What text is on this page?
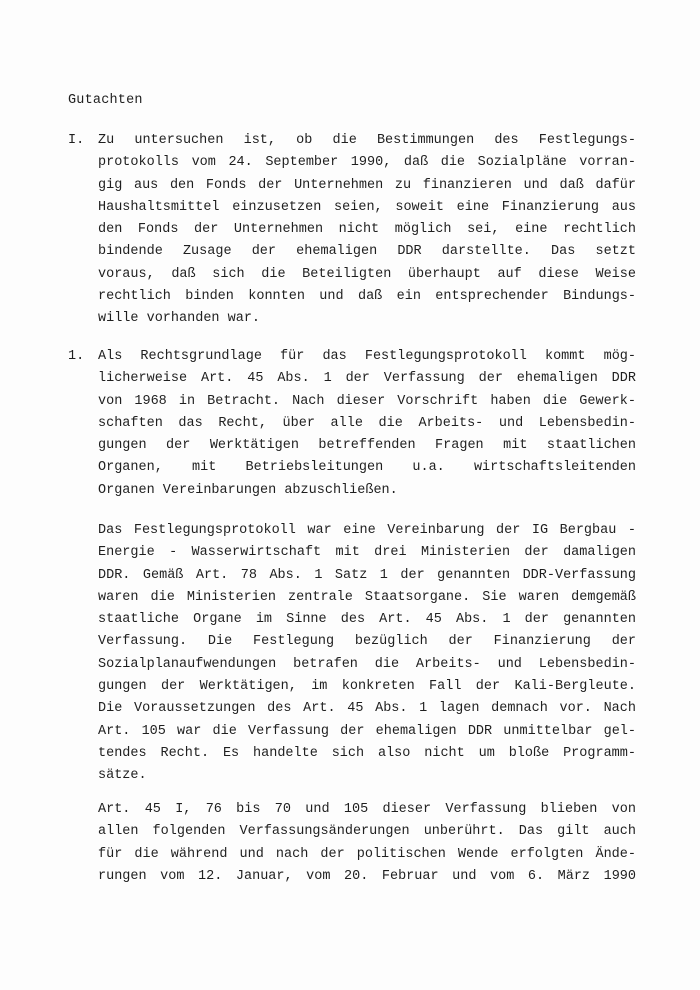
Gutachten
I. Zu untersuchen ist, ob die Bestimmungen des Festlegungs-
protokolls vom 24. September 1990, daß die Sozialpläne vorran-
gig aus den Fonds der Unternehmen zu finanzieren und daß dafür
Haushaltsmittel einzusetzen seien, soweit eine Finanzierung aus
den Fonds der Unternehmen nicht möglich sei, eine rechtlich
bindende Zusage der ehemaligen DDR darstellte. Das setzt
voraus, daß sich die Beteiligten überhaupt auf diese Weise
rechtlich binden konnten und daß ein entsprechender Bindungs-
wille vorhanden war.
1. Als Rechtsgrundlage für das Festlegungsprotokoll kommt mög-
licherweise Art. 45 Abs. 1 der Verfassung der ehemaligen DDR
von 1968 in Betracht. Nach dieser Vorschrift haben die Gewerk-
schaften das Recht, über alle die Arbeits- und Lebensbedin-
gungen der Werktätigen betreffenden Fragen mit staatlichen
Organen, mit Betriebsleitungen u.a. wirtschaftsleitenden
Organen Vereinbarungen abzuschließen.
Das Festlegungsprotokoll war eine Vereinbarung der IG Bergbau -
Energie - Wasserwirtschaft mit drei Ministerien der damaligen
DDR. Gemäß Art. 78 Abs. 1 Satz 1 der genannten DDR-Verfassung
waren die Ministerien zentrale Staatsorgane. Sie waren demgemäß
staatliche Organe im Sinne des Art. 45 Abs. 1 der genannten
Verfassung. Die Festlegung bezüglich der Finanzierung der
Sozialplanaufwendungen betrafen die Arbeits- und Lebensbedin-
gungen der Werktätigen, im konkreten Fall der Kali-Bergleute.
Die Voraussetzungen des Art. 45 Abs. 1 lagen demnach vor. Nach
Art. 105 war die Verfassung der ehemaligen DDR unmittelbar gel-
tendes Recht. Es handelte sich also nicht um bloße Programm-
sätze.
Art. 45 I, 76 bis 70 und 105 dieser Verfassung blieben von
allen folgenden Verfassungsänderungen unberührt. Das gilt auch
für die während und nach der politischen Wende erfolgten Ände-
rungen vom 12. Januar, vom 20. Februar und vom 6. März 1990
